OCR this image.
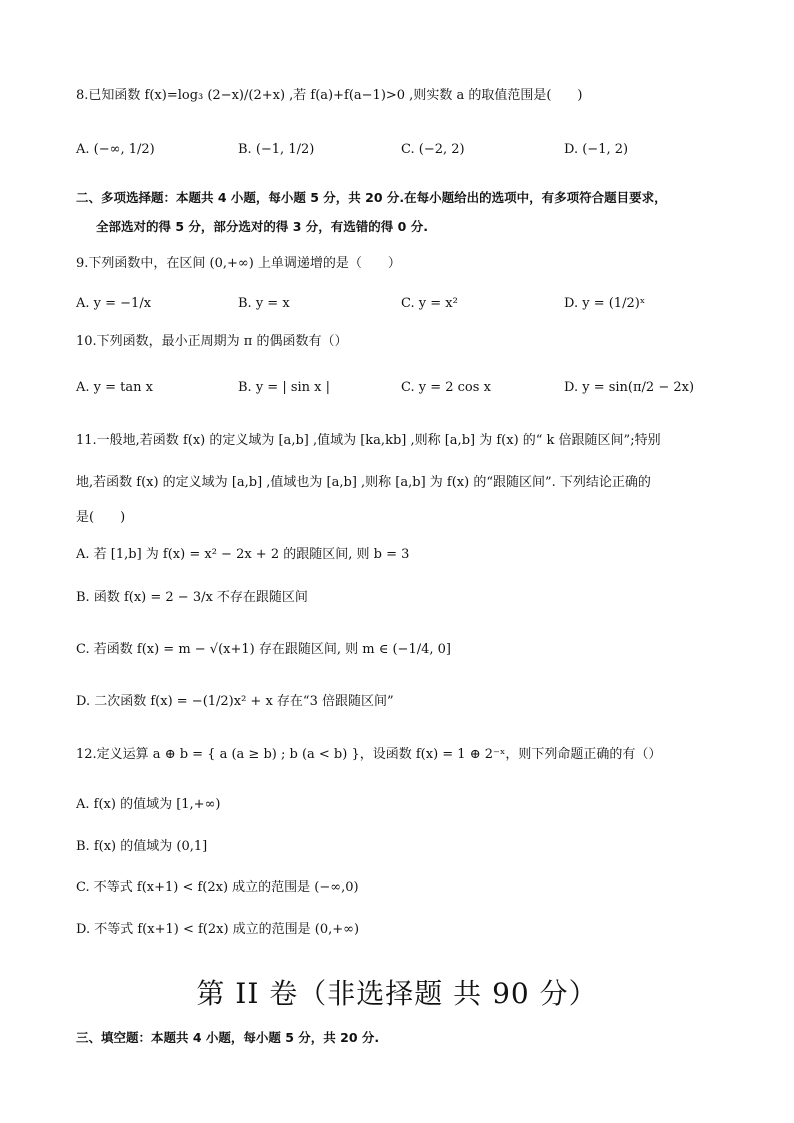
8.已知函数 f(x)=log₃ (2−x)/(2+x) ,若 f(a)+f(a−1)>0 ,则实数 a 的取值范围是(　　)
A. (−∞, 1/2)	B. (−1, 1/2)	C. (−2, 2)	D. (−1, 2)
二、多项选择题：本题共 4 小题，每小题 5 分，共 20 分.在每小题给出的选项中，有多项符合题目要求，
全部选对的得 5 分，部分选对的得 3 分，有选错的得 0 分.
9.下列函数中，在区间 (0,+∞) 上单调递增的是（　　）
A. y = −1/x	B. y = x	C. y = x²	D. y = (1/2)ˣ
10.下列函数，最小正周期为 π 的偶函数有（）
A. y = tan x	B. y = | sin x |	C. y = 2 cos x	D. y = sin(π/2 − 2x)
11.一般地,若函数 f(x) 的定义域为 [a,b] ,值域为 [ka,kb] ,则称 [a,b] 为 f(x) 的“ k 倍跟随区间”;特别
地,若函数 f(x) 的定义域为 [a,b] ,值域也为 [a,b] ,则称 [a,b] 为 f(x) 的“跟随区间”. 下列结论正确的
是(　　)
A. 若 [1,b] 为 f(x) = x² − 2x + 2 的跟随区间, 则 b = 3
B. 函数 f(x) = 2 − 3/x 不存在跟随区间
C. 若函数 f(x) = m − √(x+1) 存在跟随区间, 则 m ∈ (−1/4, 0]
D. 二次函数 f(x) = −(1/2)x² + x 存在“3 倍跟随区间”
12.定义运算 a ⊕ b = { a (a ≥ b) ; b (a < b) }，设函数 f(x) = 1 ⊕ 2⁻ˣ，则下列命题正确的有（）
A. f(x) 的值域为 [1,+∞)
B. f(x) 的值域为 (0,1]
C. 不等式 f(x+1) < f(2x) 成立的范围是 (−∞,0)
D. 不等式 f(x+1) < f(2x) 成立的范围是 (0,+∞)
第 II 卷（非选择题 共 90 分）
三、填空题：本题共 4 小题，每小题 5 分，共 20 分.
